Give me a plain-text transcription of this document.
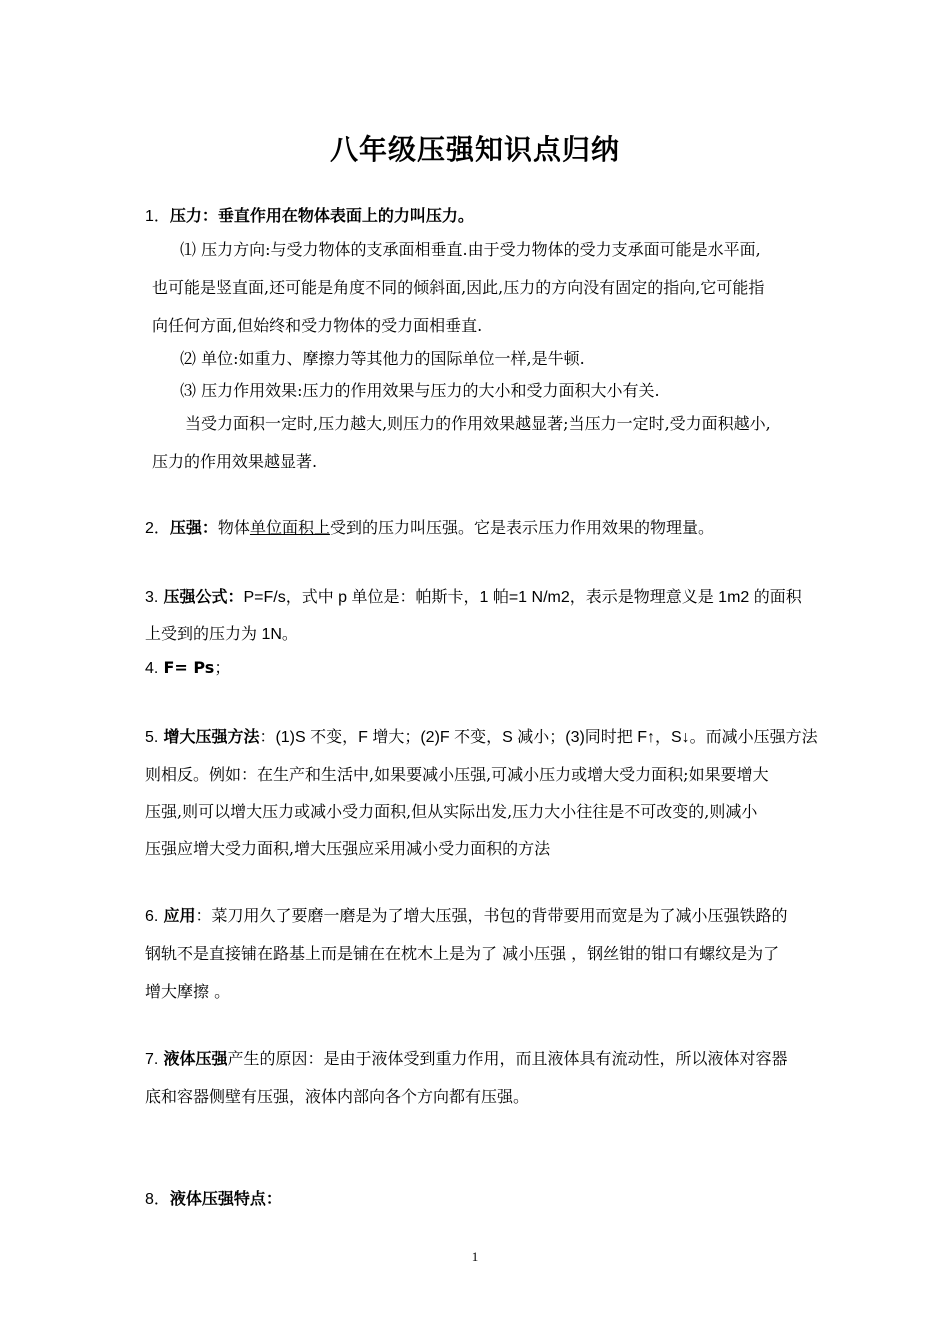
八年级压强知识点归纳
1．压力：垂直作用在物体表面上的力叫压力。
⑴ 压力方向:与受力物体的支承面相垂直.由于受力物体的受力支承面可能是水平面,
也可能是竖直面,还可能是角度不同的倾斜面,因此,压力的方向没有固定的指向,它可能指
向任何方面,但始终和受力物体的受力面相垂直.
⑵ 单位:如重力、摩擦力等其他力的国际单位一样,是牛顿.
⑶ 压力作用效果:压力的作用效果与压力的大小和受力面积大小有关.
当受力面积一定时,压力越大,则压力的作用效果越显著;当压力一定时,受力面积越小,
压力的作用效果越显著.
2．压强：物体单位面积上受到的压力叫压强。它是表示压力作用效果的物理量。
3. 压强公式：P=F/s，式中 p 单位是：帕斯卡，1 帕=1 N/m2，表示是物理意义是 1m2 的面积
上受到的压力为 1N。
4. F= Ps；
5. 增大压强方法：(1)S 不变，F 增大；(2)F 不变，S 减小；(3)同时把 F↑，S↓。而减小压强方法
则相反。例如：在生产和生活中,如果要减小压强,可减小压力或增大受力面积;如果要增大
压强,则可以增大压力或减小受力面积,但从实际出发,压力大小往往是不可改变的,则减小
压强应增大受力面积,增大压强应采用减小受力面积的方法
6. 应用：菜刀用久了要磨一磨是为了增大压强，书包的背带要用而宽是为了减小压强铁路的
钢轨不是直接铺在路基上而是铺在在枕木上是为了 减小压强 ，钢丝钳的钳口有螺纹是为了
增大摩擦 。
7. 液体压强产生的原因：是由于液体受到重力作用，而且液体具有流动性，所以液体对容器
底和容器侧壁有压强，液体内部向各个方向都有压强。
8．液体压强特点：
1
